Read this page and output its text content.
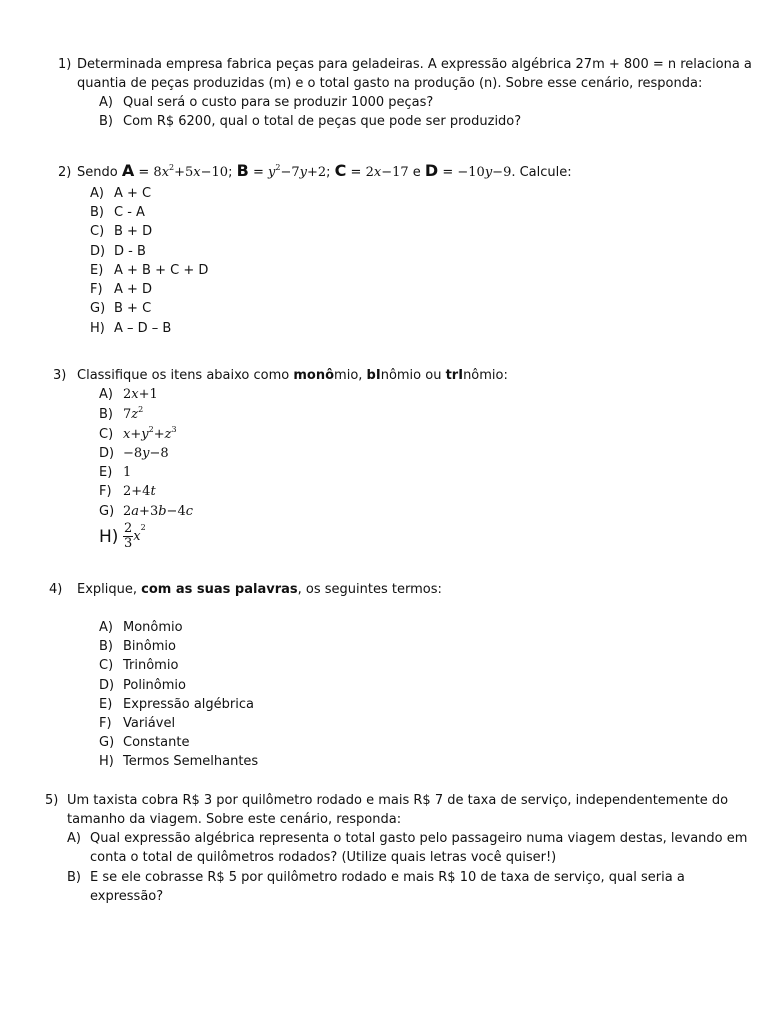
1) Determinada empresa fabrica peças para geladeiras. A expressão algébrica 27m + 800 = n relaciona a
quantia de peças produzidas (m) e o total gasto na produção (n). Sobre esse cenário, responda:
A) Qual será o custo para se produzir 1000 peças?
B) Com R$ 6200, qual o total de peças que pode ser produzido?
2) Sendo $A = 8x^2+5x-10$; $B = y^2-7y+2$; C = 2x−17 e D = −10y−9. Calcule:
A) A + C
B) C - A
C) B + D
D) D - B
E) A + B + C + D
F) A + D
G) B + C
H) A – D – B
3) Classifique os itens abaixo como monômio, bInômio ou trInômio:
A) 2x+1
B) $7z^2$
C) $x+y^2+z^3$
D) −8y−8
E) 1
F) 2+4t
G) 2a+3b−4c
$H) \frac{2}{3} x^2$
4) Explique, com as suas palavras, os seguintes termos:
A) Monômio
B) Binômio
C) Trinômio
D) Polinômio
E) Expressão algébrica
F) Variável
G) Constante
H) Termos Semelhantes
5) Um taxista cobra R$ 3 por quilômetro rodado e mais R$ 7 de taxa de serviço, independentemente do
tamanho da viagem. Sobre este cenário, responda:
A) Qual expressão algébrica representa o total gasto pelo passageiro numa viagem destas, levando em
conta o total de quilômetros rodados? (Utilize quais letras você quiser!)
B) E se ele cobrasse R$ 5 por quilômetro rodado e mais R$ 10 de taxa de serviço, qual seria a
expressão?
